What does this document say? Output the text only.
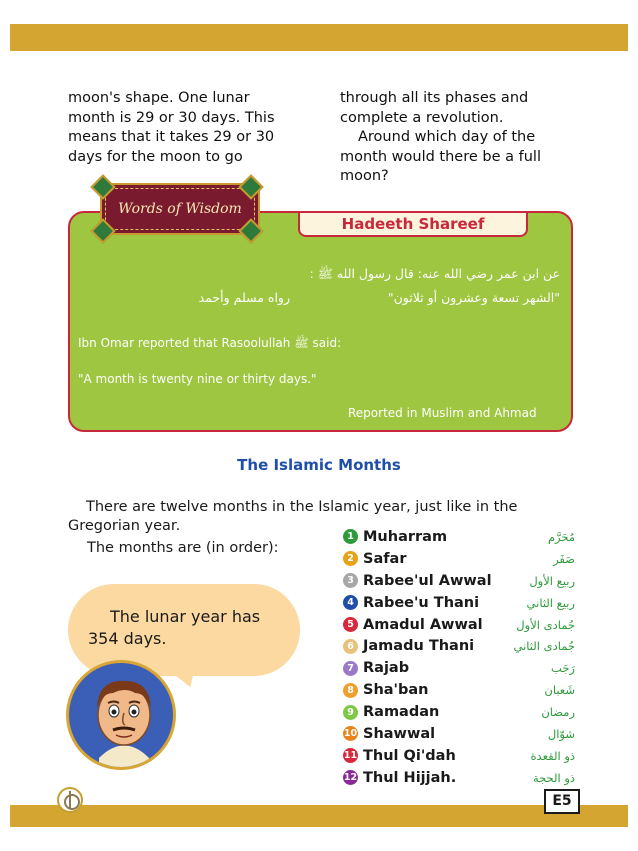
moon's shape. One lunar
month is 29 or 30 days. This
means that it takes 29 or 30
days for the moon to go
through all its phases and
complete a revolution.
Around which day of the
month would there be a full
moon?
Hadeeth Shareef
Words of Wisdom
عن ابن عمر رضي الله عنه: قال رسول الله ﷺ :
"الشهر تسعة وعشرون أو ثلاثون"
رواه مسلم وأحمد
Ibn Omar reported that Rasoolullah ﷺ said:
"A month is twenty nine or thirty days."
Reported in Muslim and Ahmad
The Islamic Months
There are twelve months in the Islamic year, just like in the
Gregorian year.
The months are (in order):
1 Muharram	مُحَرَّم
2 Safar	صَفَر
3 Rabee'ul Awwal	ربيع الأول
4 Rabee'u Thani	ربيع الثاني
5 Amadul Awwal	جُمادى الأول
6 Jamadu Thani	جُمادى الثاني
7 Rajab	رَجَب
8 Sha'ban	شَعبان
9 Ramadan	رمضان
10 Shawwal	شوّال
11 Thul Qi'dah	ذو القعدة
12 Thul Hijjah.	ذو الحجة
The lunar year has
354 days.
E5
